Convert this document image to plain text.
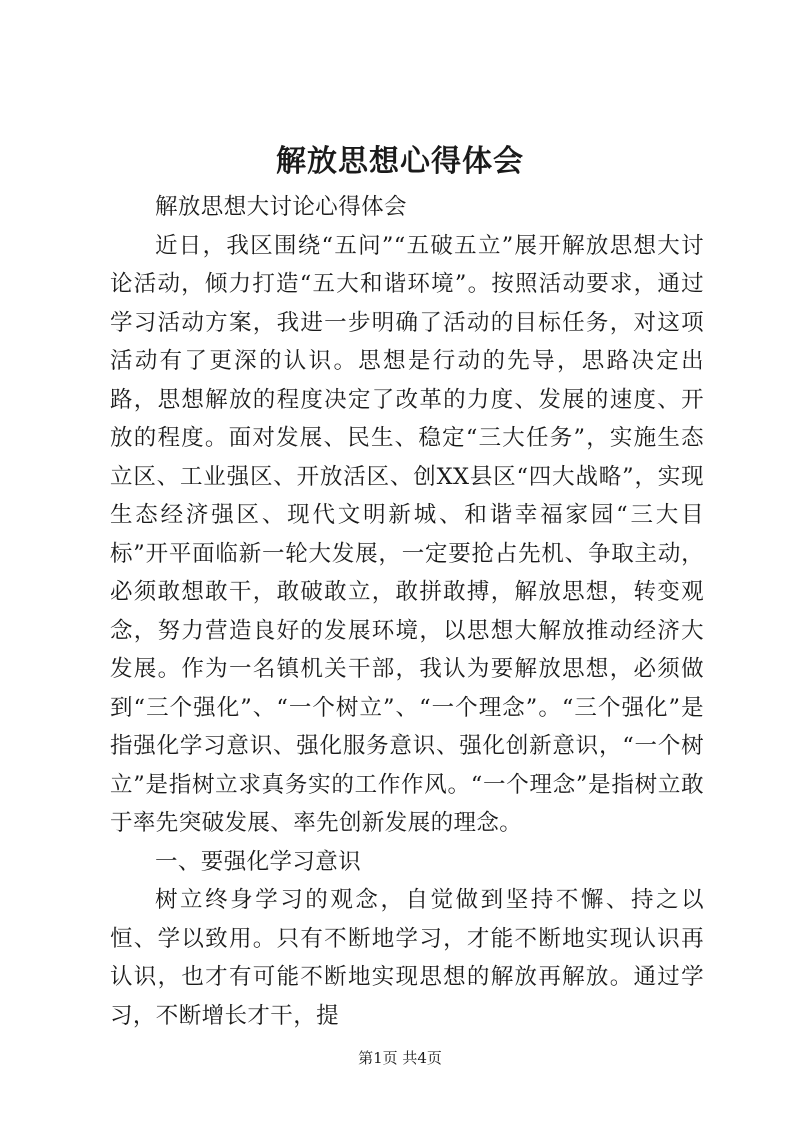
解放思想心得体会

解放思想大讨论心得体会

近日，我区围绕“五问”“五破五立”展开解放思想大讨论活动，倾力打造“五大和谐环境”。按照活动要求，通过学习活动方案，我进一步明确了活动的目标任务，对这项活动有了更深的认识。思想是行动的先导，思路决定出路，思想解放的程度决定了改革的力度、发展的速度、开放的程度。面对发展、民生、稳定“三大任务”，实施生态立区、工业强区、开放活区、创XX县区“四大战略”，实现生态经济强区、现代文明新城、和谐幸福家园“三大目标”开平面临新一轮大发展，一定要抢占先机、争取主动，必须敢想敢干，敢破敢立，敢拼敢搏，解放思想，转变观念，努力营造良好的发展环境，以思想大解放推动经济大发展。作为一名镇机关干部，我认为要解放思想，必须做到“三个强化”、“一个树立”、“一个理念”。“三个强化”是指强化学习意识、强化服务意识、强化创新意识，“一个树立”是指树立求真务实的工作作风。“一个理念”是指树立敢于率先突破发展、率先创新发展的理念。

一、要强化学习意识

树立终身学习的观念，自觉做到坚持不懈、持之以恒、学以致用。只有不断地学习，才能不断地实现认识再认识，也才有可能不断地实现思想的解放再解放。通过学习，不断增长才干，提

第1页 共4页
